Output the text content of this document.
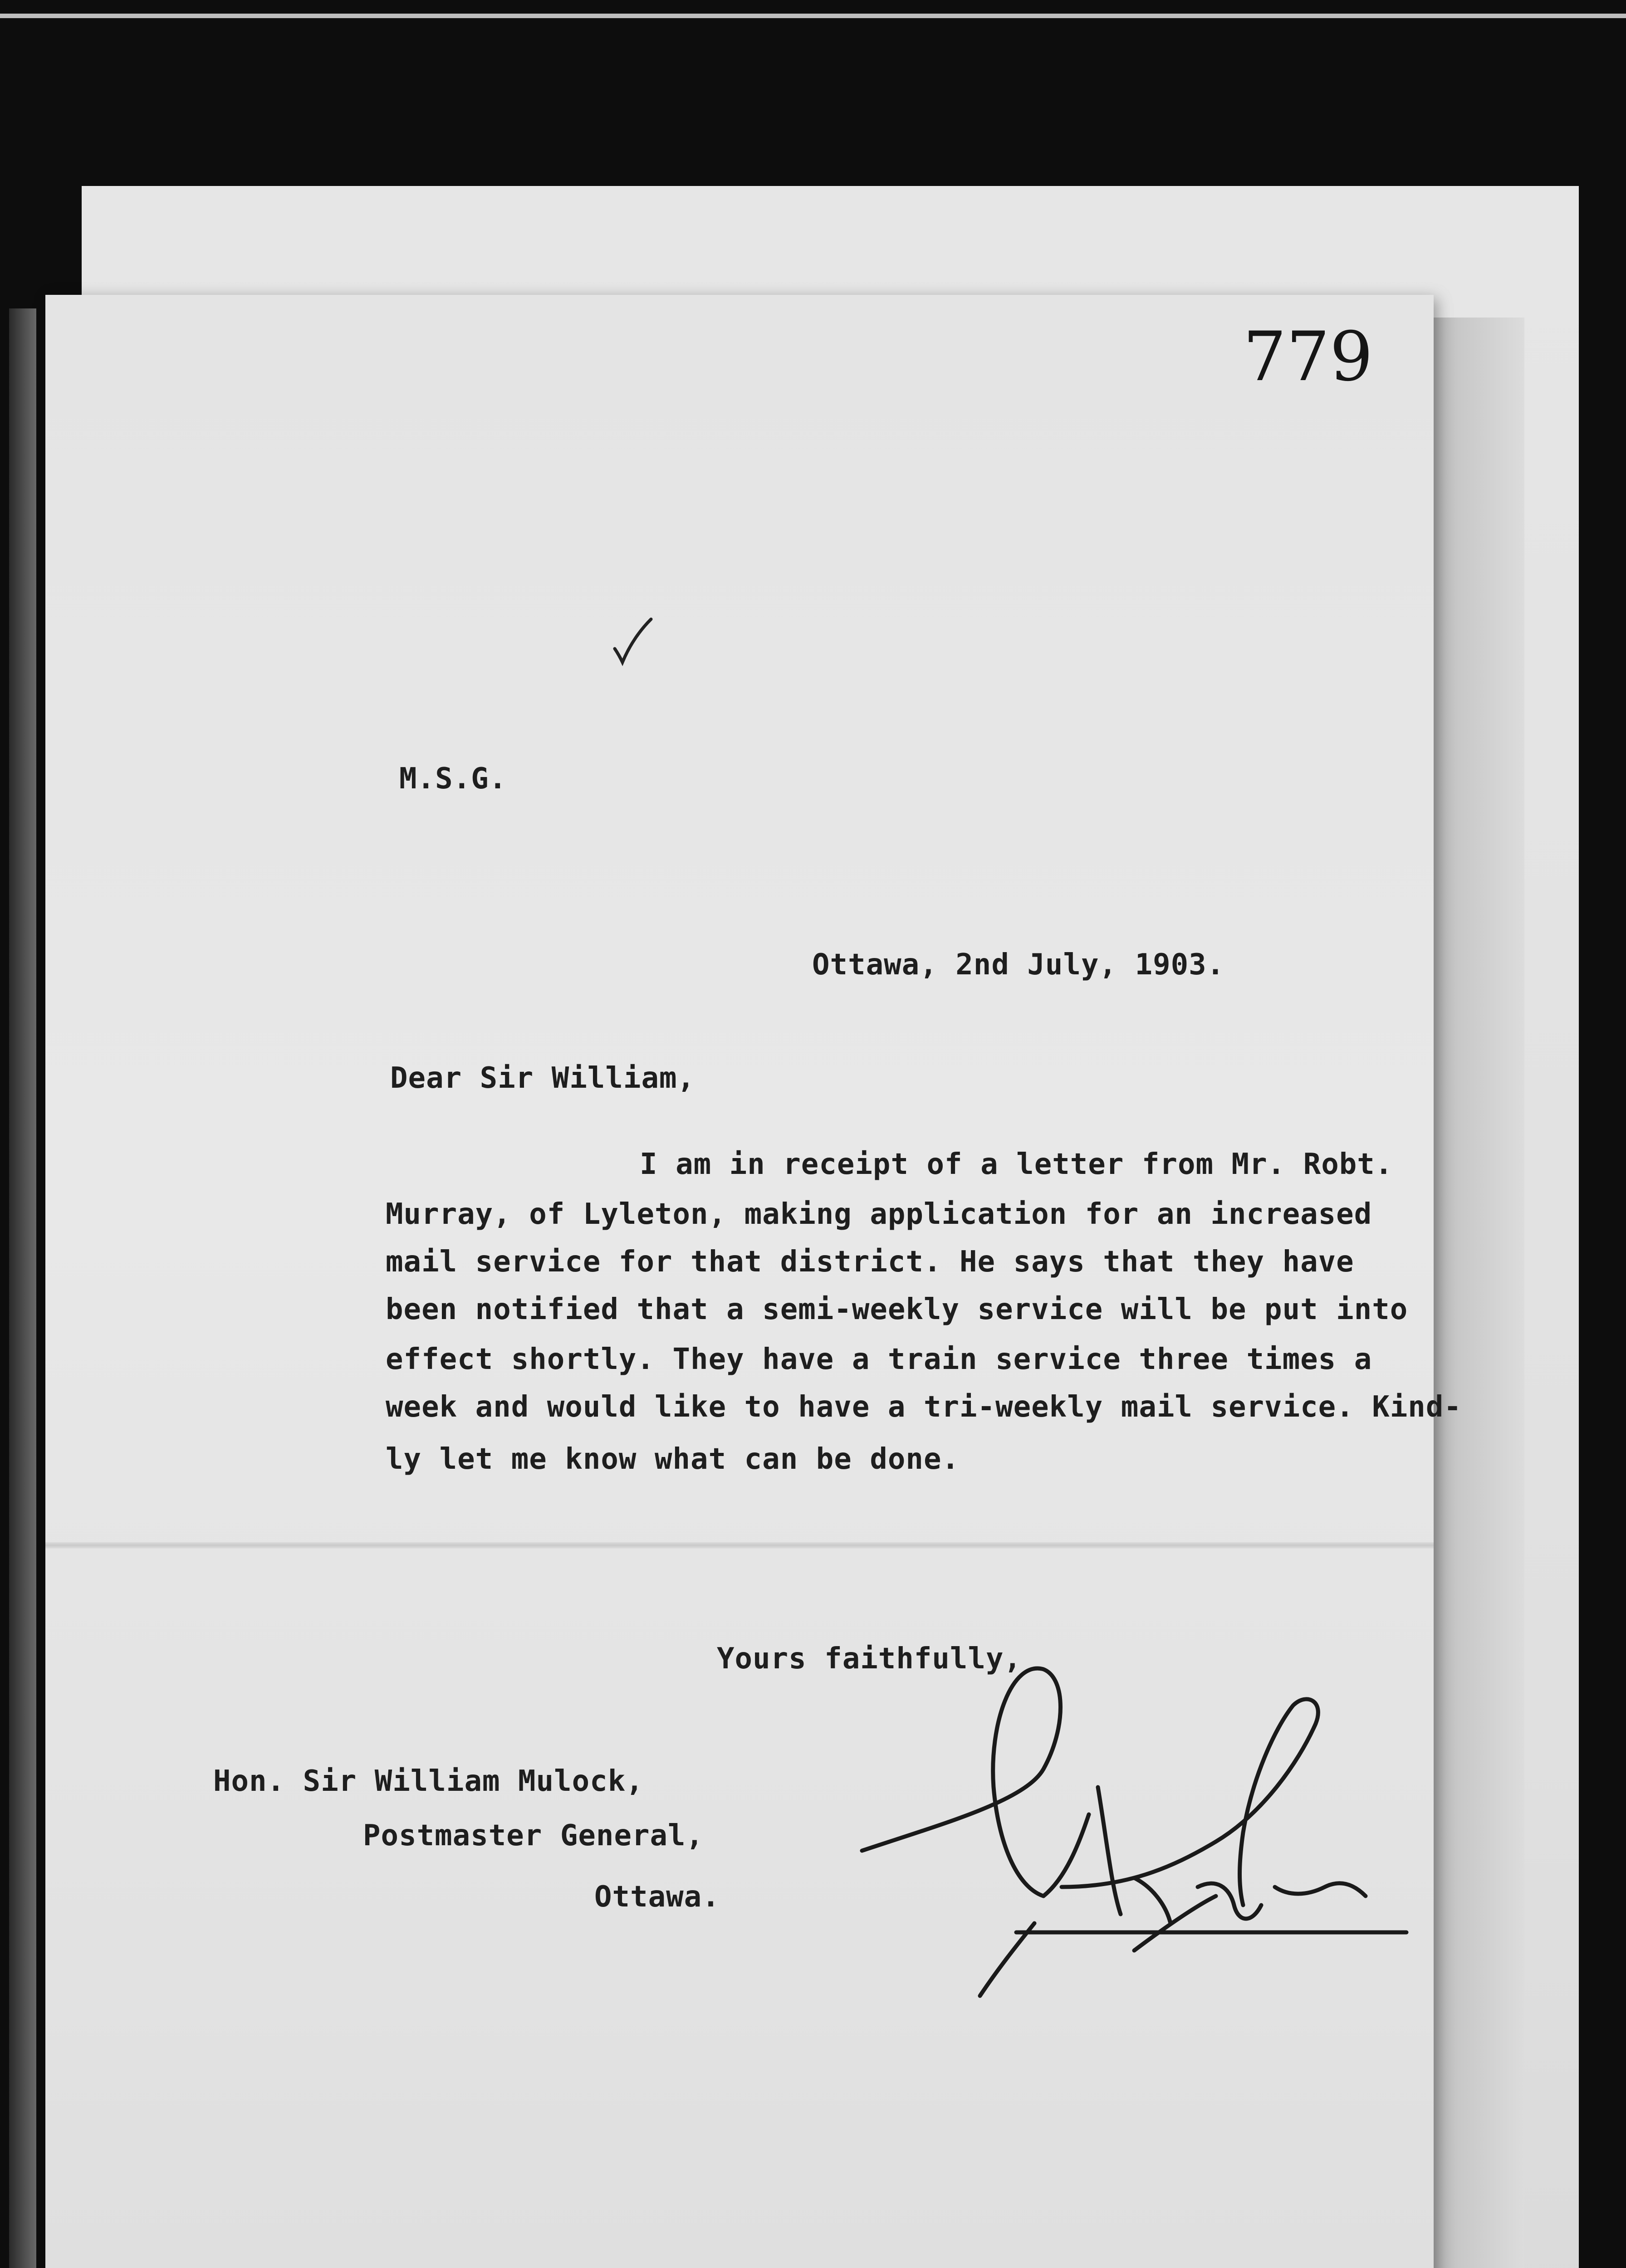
779
M.S.G.
Ottawa, 2nd July, 1903.
Dear Sir William,
I am in receipt of a letter from Mr. Robt.
Murray, of Lyleton, making application for an increased
mail service for that district. He says that they have
been notified that a semi-weekly service will be put into
effect shortly. They have a train service three times a
week and would like to have a tri-weekly mail service. Kind-
ly let me know what can be done.
Yours faithfully,
Hon. Sir William Mulock,
Postmaster General,
Ottawa.
